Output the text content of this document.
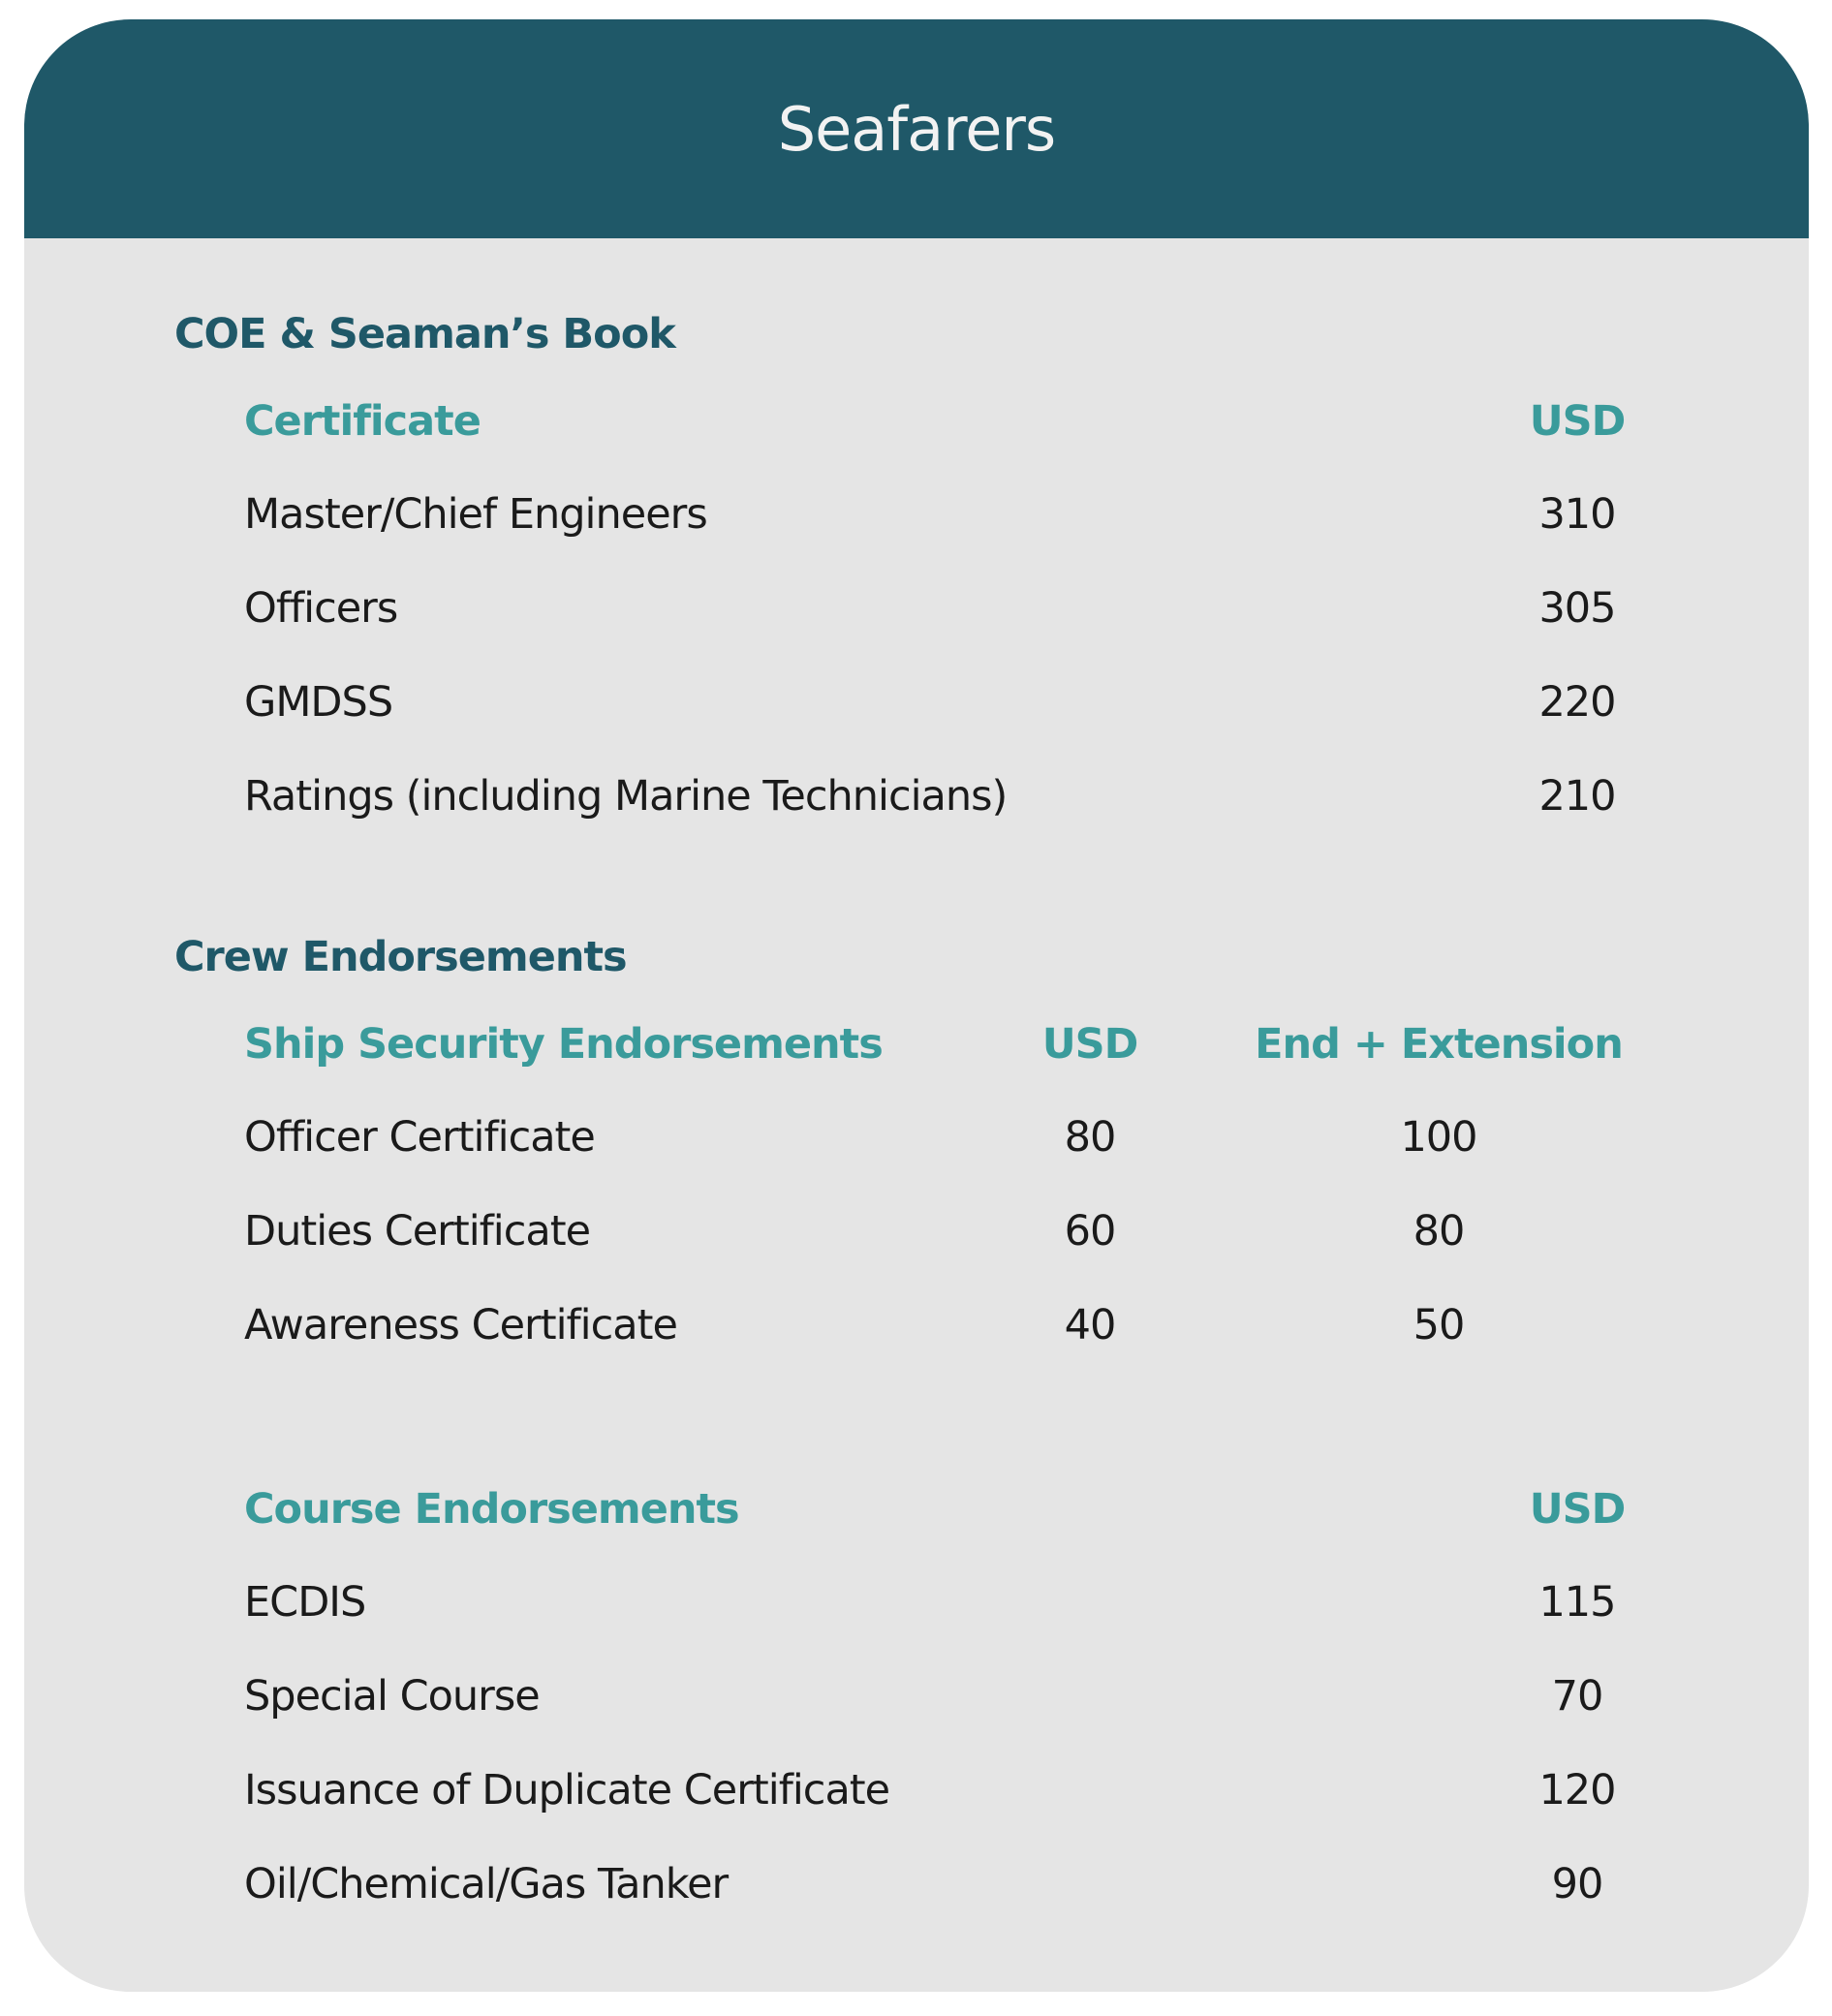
Seafarers
COE & Seaman’s Book
Certificate	USD
Master/Chief Engineers	310
Officers	305
GMDSS	220
Ratings (including Marine Technicians)	210
Crew Endorsements
Ship Security Endorsements	USD	End + Extension
Officer Certificate	80	100
Duties Certificate	60	80
Awareness Certificate	40	50
Course Endorsements	USD
ECDIS	115
Special Course	70
Issuance of Duplicate Certificate	120
Oil/Chemical/Gas Tanker	90
